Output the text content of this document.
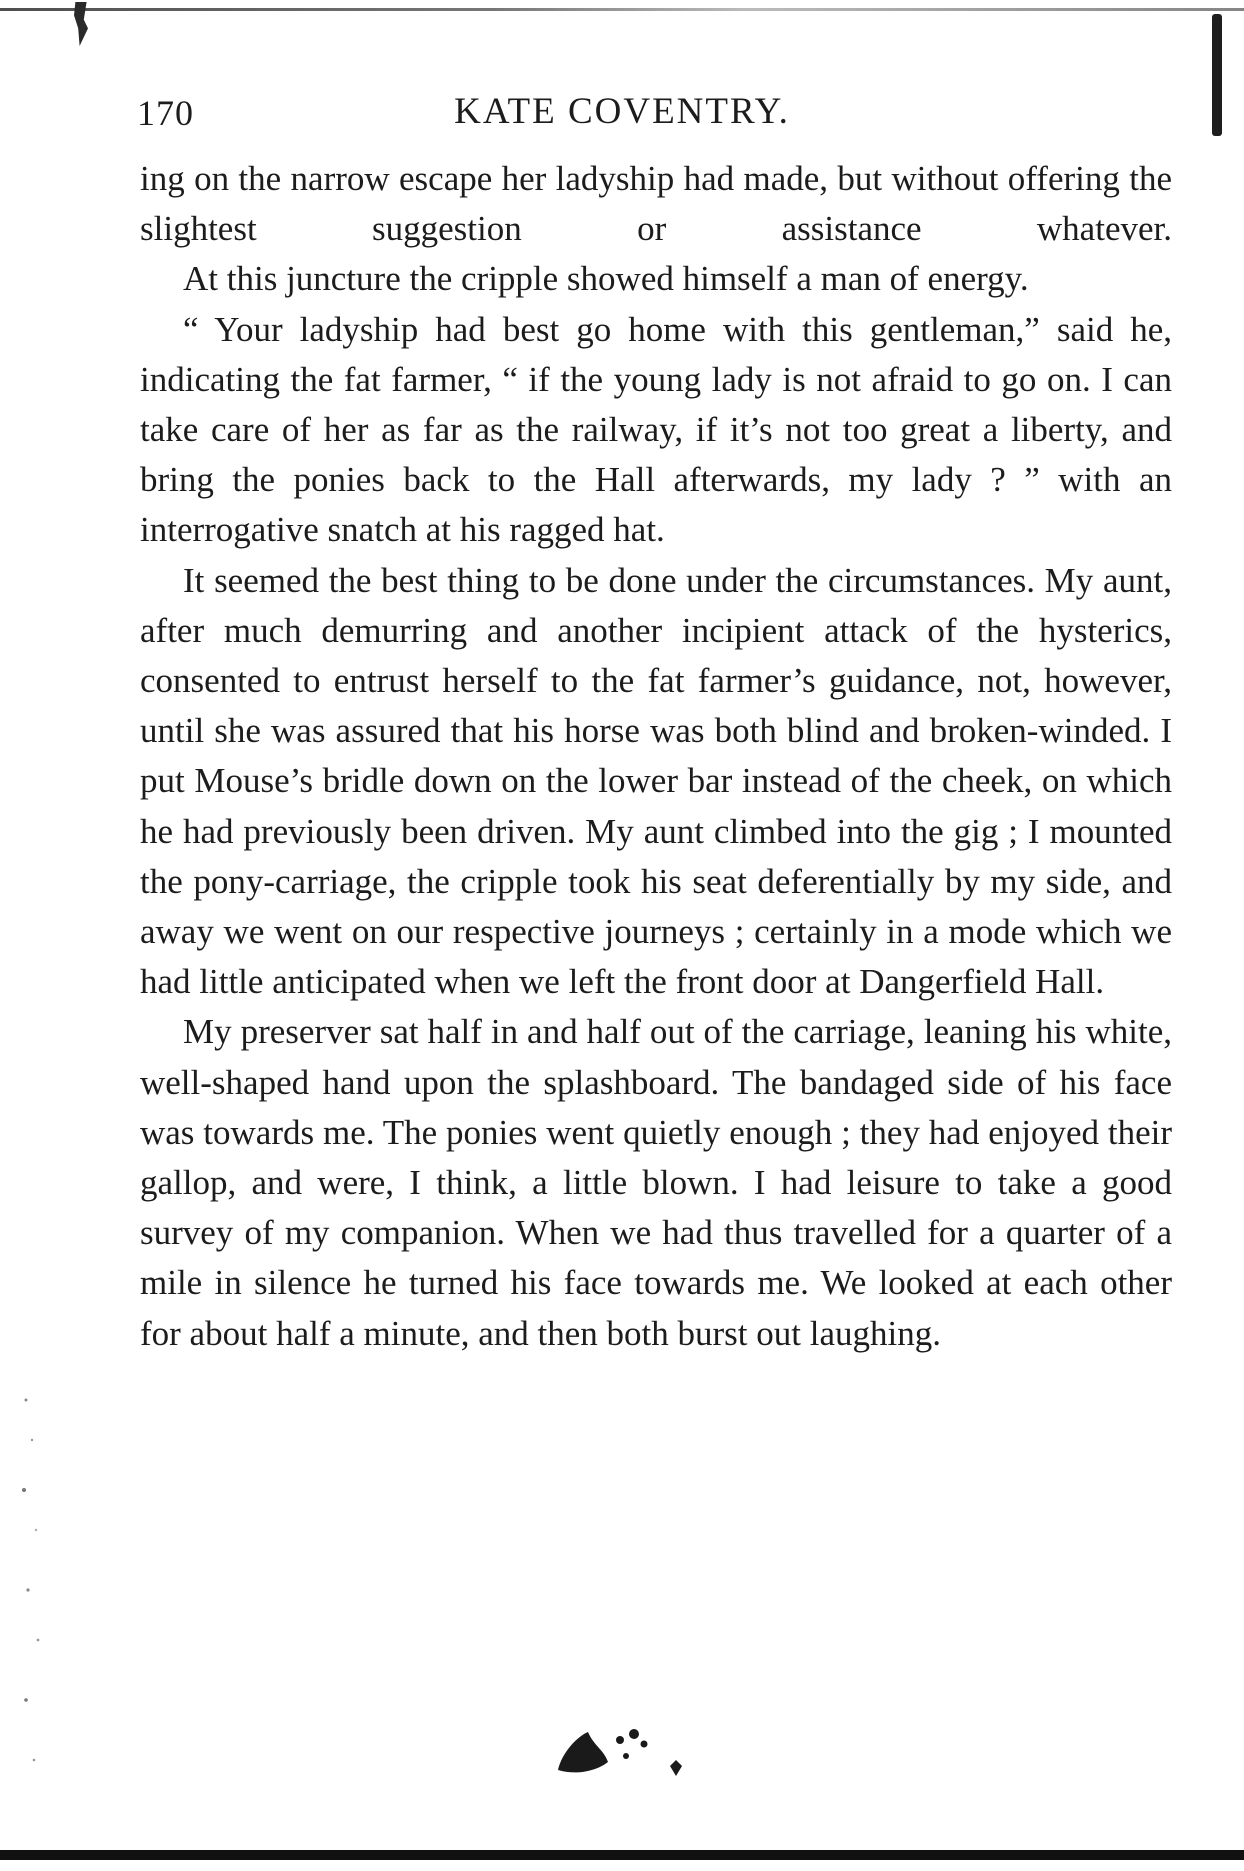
170	KATE COVENTRY.

ing on the narrow escape her ladyship had made, but without offering the slightest suggestion or assistance whatever.

At this juncture the cripple showed himself a man of energy.

“ Your ladyship had best go home with this gentleman,” said he, indicating the fat farmer, “ if the young lady is not afraid to go on. I can take care of her as far as the railway, if it’s not too great a liberty, and bring the ponies back to the Hall afterwards, my lady ? ” with an interrogative snatch at his ragged hat.

It seemed the best thing to be done under the circumstances. My aunt, after much demurring and another incipient attack of the hysterics, consented to entrust herself to the fat farmer’s guidance, not, however, until she was assured that his horse was both blind and broken-winded. I put Mouse’s bridle down on the lower bar instead of the cheek, on which he had previously been driven. My aunt climbed into the gig ; I mounted the pony-carriage, the cripple took his seat deferentially by my side, and away we went on our respective journeys ; certainly in a mode which we had little anticipated when we left the front door at Dangerfield Hall.

My preserver sat half in and half out of the carriage, leaning his white, well-shaped hand upon the splashboard. The bandaged side of his face was towards me. The ponies went quietly enough ; they had enjoyed their gallop, and were, I think, a little blown. I had leisure to take a good survey of my companion. When we had thus travelled for a quarter of a mile in silence he turned his face towards me. We looked at each other for about half a minute, and then both burst out laughing.
